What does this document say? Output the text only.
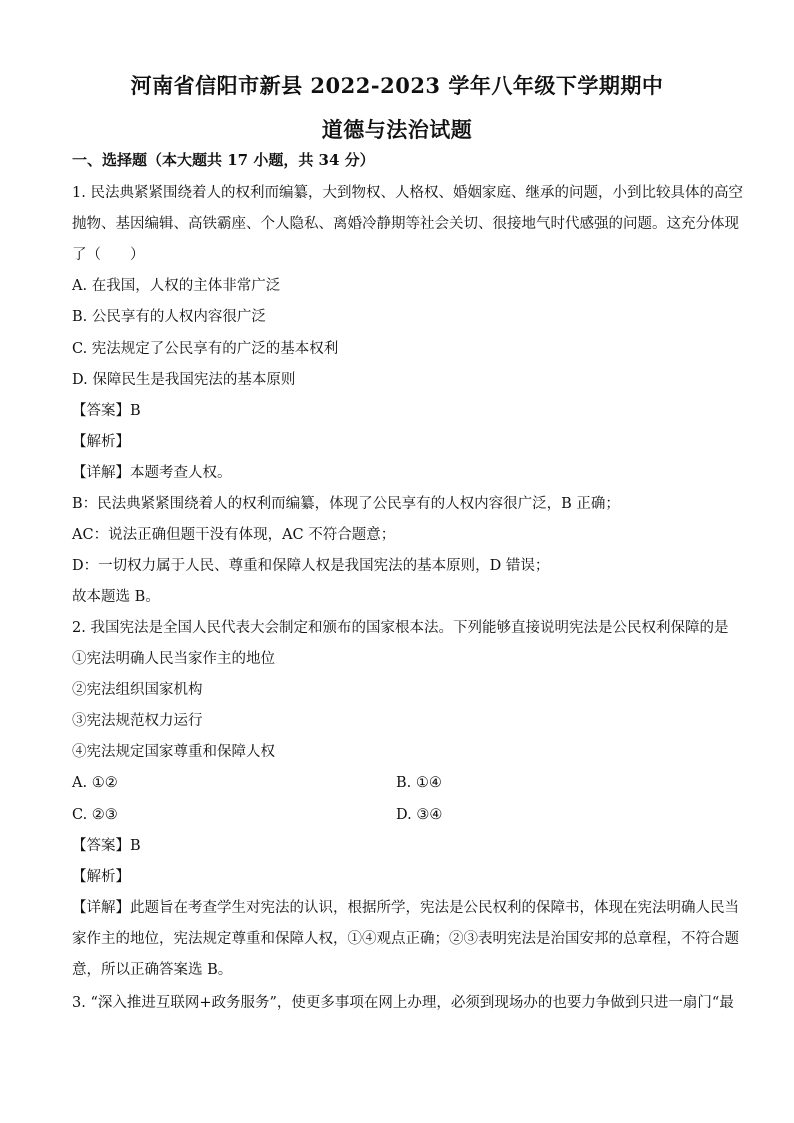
河南省信阳市新县 2022-2023 学年八年级下学期期中
道德与法治试题
一、选择题（本大题共 17 小题，共 34 分）
1. 民法典紧紧围绕着人的权利而编纂，大到物权、人格权、婚姻家庭、继承的问题，小到比较具体的高空
抛物、基因编辑、高铁霸座、个人隐私、离婚冷静期等社会关切、很接地气时代感强的问题。这充分体现
了（　　）
A. 在我国，人权的主体非常广泛
B. 公民享有的人权内容很广泛
C. 宪法规定了公民享有的广泛的基本权利
D. 保障民生是我国宪法的基本原则
【答案】B
【解析】
【详解】本题考查人权。
B：民法典紧紧围绕着人的权利而编纂，体现了公民享有的人权内容很广泛，B 正确；
AC：说法正确但题干没有体现，AC 不符合题意；
D：一切权力属于人民、尊重和保障人权是我国宪法的基本原则，D 错误；
故本题选 B。
2. 我国宪法是全国人民代表大会制定和颁布的国家根本法。下列能够直接说明宪法是公民权利保障的是
①宪法明确人民当家作主的地位
②宪法组织国家机构
③宪法规范权力运行
④宪法规定国家尊重和保障人权
A. ①②	B. ①④
C. ②③	D. ③④
【答案】B
【解析】
【详解】此题旨在考查学生对宪法的认识，根据所学，宪法是公民权利的保障书，体现在宪法明确人民当
家作主的地位，宪法规定尊重和保障人权，①④观点正确；②③表明宪法是治国安邦的总章程，不符合题
意，所以正确答案选 B。
3. “深入推进互联网+政务服务”，使更多事项在网上办理，必须到现场办的也要力争做到只进一扇门“最
